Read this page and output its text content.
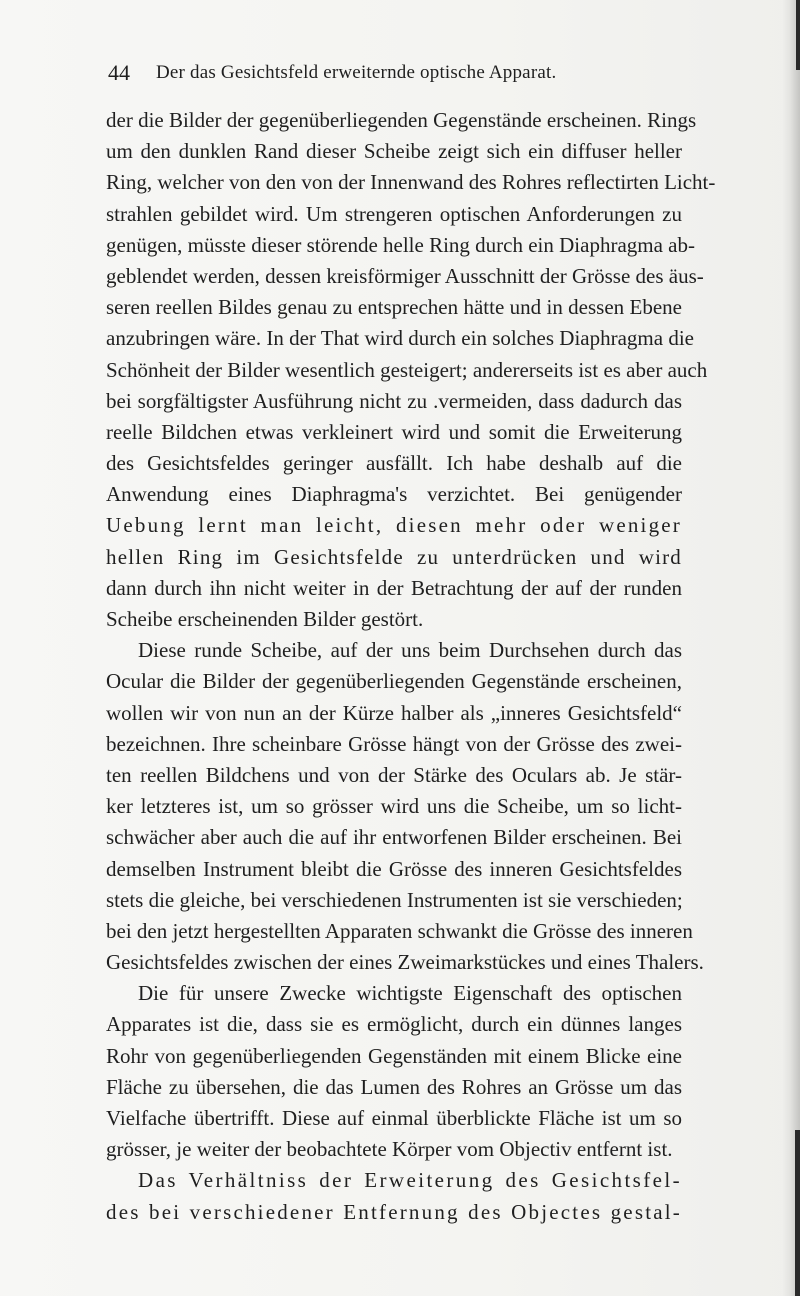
44 Der das Gesichtsfeld erweiternde optische Apparat.
der die Bilder der gegenüberliegenden Gegenstände erscheinen. Rings
um den dunklen Rand dieser Scheibe zeigt sich ein diffuser heller
Ring, welcher von den von der Innenwand des Rohres reflectirten Licht-
strahlen gebildet wird. Um strengeren optischen Anforderungen zu
genügen, müsste dieser störende helle Ring durch ein Diaphragma ab-
geblendet werden, dessen kreisförmiger Ausschnitt der Grösse des äus-
seren reellen Bildes genau zu entsprechen hätte und in dessen Ebene
anzubringen wäre. In der That wird durch ein solches Diaphragma die
Schönheit der Bilder wesentlich gesteigert; andererseits ist es aber auch
bei sorgfältigster Ausführung nicht zu .vermeiden, dass dadurch das
reelle Bildchen etwas verkleinert wird und somit die Erweiterung
des Gesichtsfeldes geringer ausfällt. Ich habe deshalb auf die
Anwendung eines Diaphragma's verzichtet. Bei genügender
Uebung lernt man leicht, diesen mehr oder weniger
hellen Ring im Gesichtsfelde zu unterdrücken und wird
dann durch ihn nicht weiter in der Betrachtung der auf der runden
Scheibe erscheinenden Bilder gestört.
Diese runde Scheibe, auf der uns beim Durchsehen durch das
Ocular die Bilder der gegenüberliegenden Gegenstände erscheinen,
wollen wir von nun an der Kürze halber als „inneres Gesichtsfeld“
bezeichnen. Ihre scheinbare Grösse hängt von der Grösse des zwei-
ten reellen Bildchens und von der Stärke des Oculars ab. Je stär-
ker letzteres ist, um so grösser wird uns die Scheibe, um so licht-
schwächer aber auch die auf ihr entworfenen Bilder erscheinen. Bei
demselben Instrument bleibt die Grösse des inneren Gesichtsfeldes
stets die gleiche, bei verschiedenen Instrumenten ist sie verschieden;
bei den jetzt hergestellten Apparaten schwankt die Grösse des inneren
Gesichtsfeldes zwischen der eines Zweimarkstückes und eines Thalers.
Die für unsere Zwecke wichtigste Eigenschaft des optischen
Apparates ist die, dass sie es ermöglicht, durch ein dünnes langes
Rohr von gegenüberliegenden Gegenständen mit einem Blicke eine
Fläche zu übersehen, die das Lumen des Rohres an Grösse um das
Vielfache übertrifft. Diese auf einmal überblickte Fläche ist um so
grösser, je weiter der beobachtete Körper vom Objectiv entfernt ist.
Das Verhältniss der Erweiterung des Gesichtsfel-
des bei verschiedener Entfernung des Objectes gestal-
